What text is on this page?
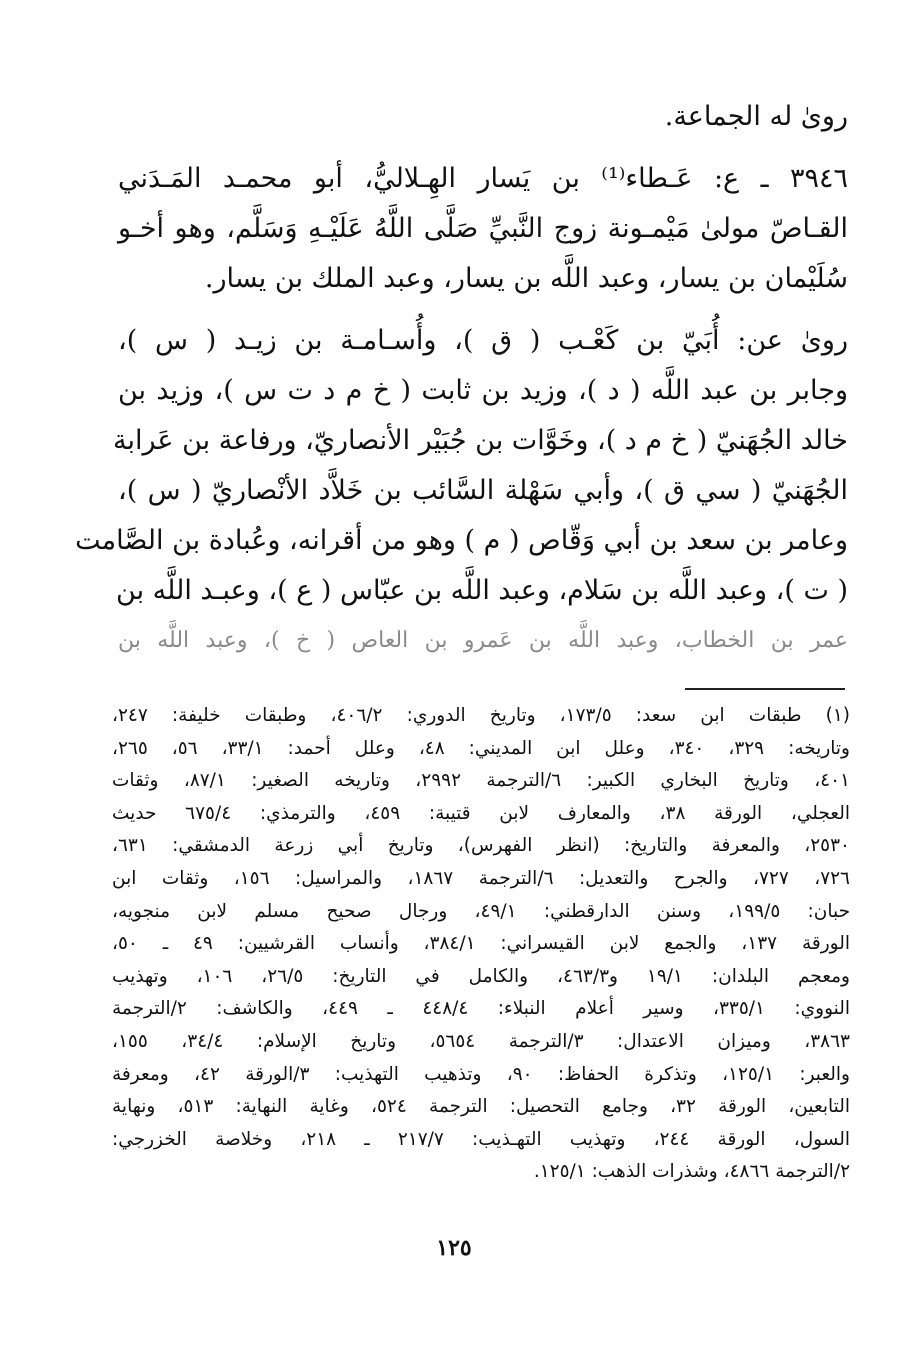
روىٰ له الجماعة.

٣٩٤٦ ـ ع: عَـطاء⁽¹⁾ بن يَسار الهِـلاليُّ، أبو محمـد المَـدَني
القـاصّ مولىٰ مَيْمـونة زوج النَّبيِّ صَلَّى اللَّهُ عَلَيْـهِ وَسَلَّم، وهو أخـو
سُلَيْمان بن يسار، وعبد اللَّه بن يسار، وعبد الملك بن يسار.

روىٰ عن: أُبَيّ بن كَعْـب ( ق )، وأُسـامـة بن زيـد ( س )،
وجابر بن عبد اللَّه ( د )، وزيد بن ثابت ( خ م د ت س )، وزيد بن
خالد الجُهَنيّ ( خ م د )، وخَوَّات بن جُبَيْر الأنصاريّ، ورفاعة بن عَرابة
الجُهَنيّ ( سي ق )، وأبي سَهْلة السَّائب بن خَلاَّد الأنْصاريّ ( س )،
وعامر بن سعد بن أبي وَقّاص ( م ) وهو من أقرانه، وعُبادة بن الصَّامت
( ت )، وعبد اللَّه بن سَلام، وعبد اللَّه بن عبّاس ( ع )، وعبـد اللَّه بن
عمر بن الخطاب، وعبد اللَّه بن عَمرو بن العاص ( خ )، وعبد اللَّه بن

(١) طبقات ابن سعد: ١٧٣/٥، وتاريخ الدوري: ٤٠٦/٢، وطبقات خليفة: ٢٤٧،
وتاريخه: ٣٢٩، ٣٤٠، وعلل ابن المديني: ٤٨، وعلل أحمد: ٣٣/١، ٥٦، ٢٦٥،
٤٠١، وتاريخ البخاري الكبير: ٦/الترجمة ٢٩٩٢، وتاريخه الصغير: ٨٧/١، وثقات
العجلي، الورقة ٣٨، والمعارف لابن قتيبة: ٤٥٩، والترمذي: ٦٧٥/٤ حديث
٢٥٣٠، والمعرفة والتاريخ: (انظر الفهرس)، وتاريخ أبي زرعة الدمشقي: ٦٣١،
٧٢٦، ٧٢٧، والجرح والتعديل: ٦/الترجمة ١٨٦٧، والمراسيل: ١٥٦، وثقات ابن
حبان: ١٩٩/٥، وسنن الدارقطني: ٤٩/١، ورجال صحيح مسلم لابن منجويه،
الورقة ١٣٧، والجمع لابن القيسراني: ٣٨٤/١، وأنساب القرشيين: ٤٩ ـ ٥٠،
ومعجم البلدان: ١٩/١ و٤٦٣/٣، والكامل في التاريخ: ٢٦/٥، ١٠٦، وتهذيب
النووي: ٣٣٥/١، وسير أعلام النبلاء: ٤٤٨/٤ ـ ٤٤٩، والكاشف: ٢/الترجمة
٣٨٦٣، وميزان الاعتدال: ٣/الترجمة ٥٦٥٤، وتاريخ الإسلام: ٣٤/٤، ١٥٥،
والعبر: ١٢٥/١، وتذكرة الحفاظ: ٩٠، وتذهيب التهذيب: ٣/الورقة ٤٢، ومعرفة
التابعين، الورقة ٣٢، وجامع التحصيل: الترجمة ٥٢٤، وغاية النهاية: ٥١٣، ونهاية
السول، الورقة ٢٤٤، وتهذيب التهـذيب: ٢١٧/٧ ـ ٢١٨، وخلاصة الخزرجي:
٢/الترجمة ٤٨٦٦، وشذرات الذهب: ١٢٥/١.
١٢٥
